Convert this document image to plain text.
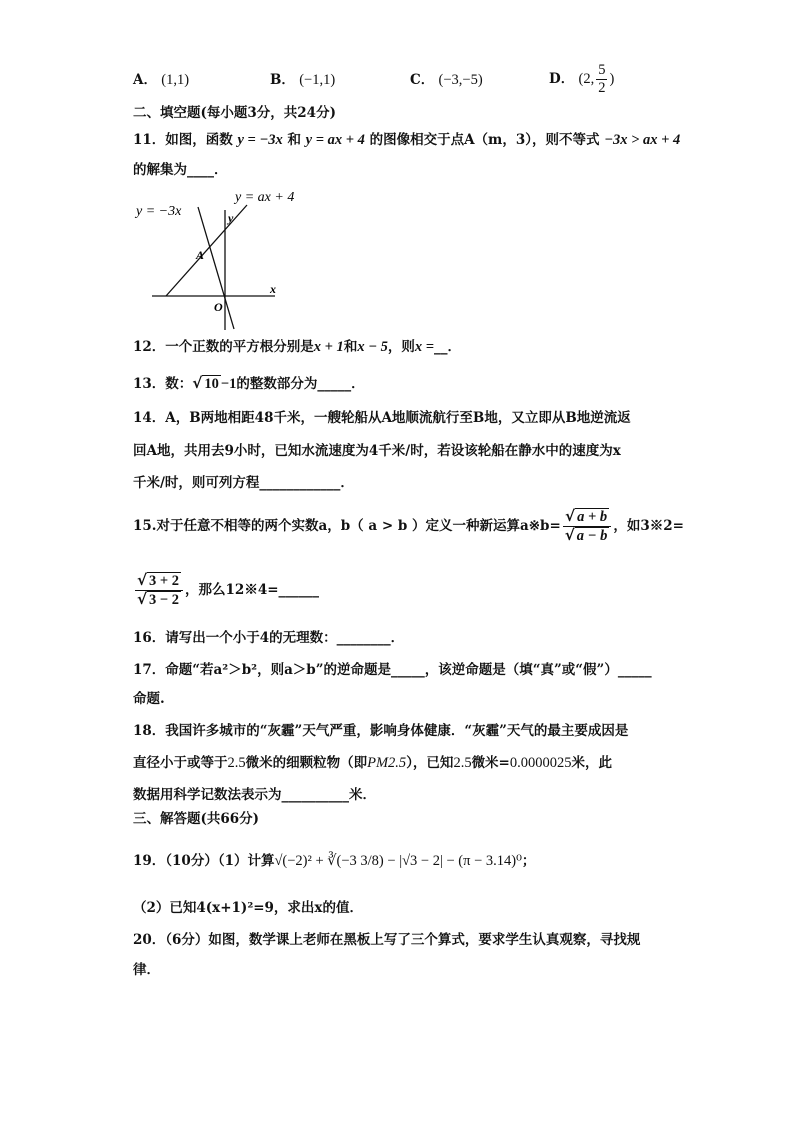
A． (1,1)	B． (−1,1)	C． (−3,−5)	D． (2, $\frac{5}{2}$ )
二、填空题(每小题3分，共24分)
11．如图，函数 y = −3x 和 y = ax + 4 的图像相交于点A（m，3），则不等式 −3x > ax + 4
的解集为____．
y = −3x
y = ax + 4
A
O
x
y
12．一个正数的平方根分别是x + 1和x − 5，则x =__．
13．数：√ 10 −1的整数部分为_____．
14．A，B两地相距48千米，一艘轮船从A地顺流航行至B地，又立即从B地逆流返
回A地，共用去9小时，已知水流速度为4千米/时，若设该轮船在静水中的速度为x
千米/时，则可列方程____________．
15.对于任意不相等的两个实数a，b（ a > b ）定义一种新运算a※b= $\frac{√ a + b}{√ a - b}$ ，如3※2=
$\frac{√ 3 + 2}{√ 3 - 2}$ ，那么12※4=______
16．请写出一个小于4的无理数：________．
17．命题“若a²＞b²，则a＞b”的逆命题是_____，该逆命题是（填“真”或“假”）_____
命题.
18．我国许多城市的“灰霾”天气严重，影响身体健康．“灰霾”天气的最主要成因是
直径小于或等于2.5微米的细颗粒物（即PM2.5），已知2.5微米=0.0000025米，此
数据用科学记数法表示为__________米．
三、解答题(共66分)
19．（10分）（1）计算√(−2)² + ∛(−3 3/8) − |√3 − 2| − (π − 3.14)⁰；
（2）已知4(x+1)²=9，求出x的值．
20．（6分）如图，数学课上老师在黑板上写了三个算式，要求学生认真观察，寻找规
律．
